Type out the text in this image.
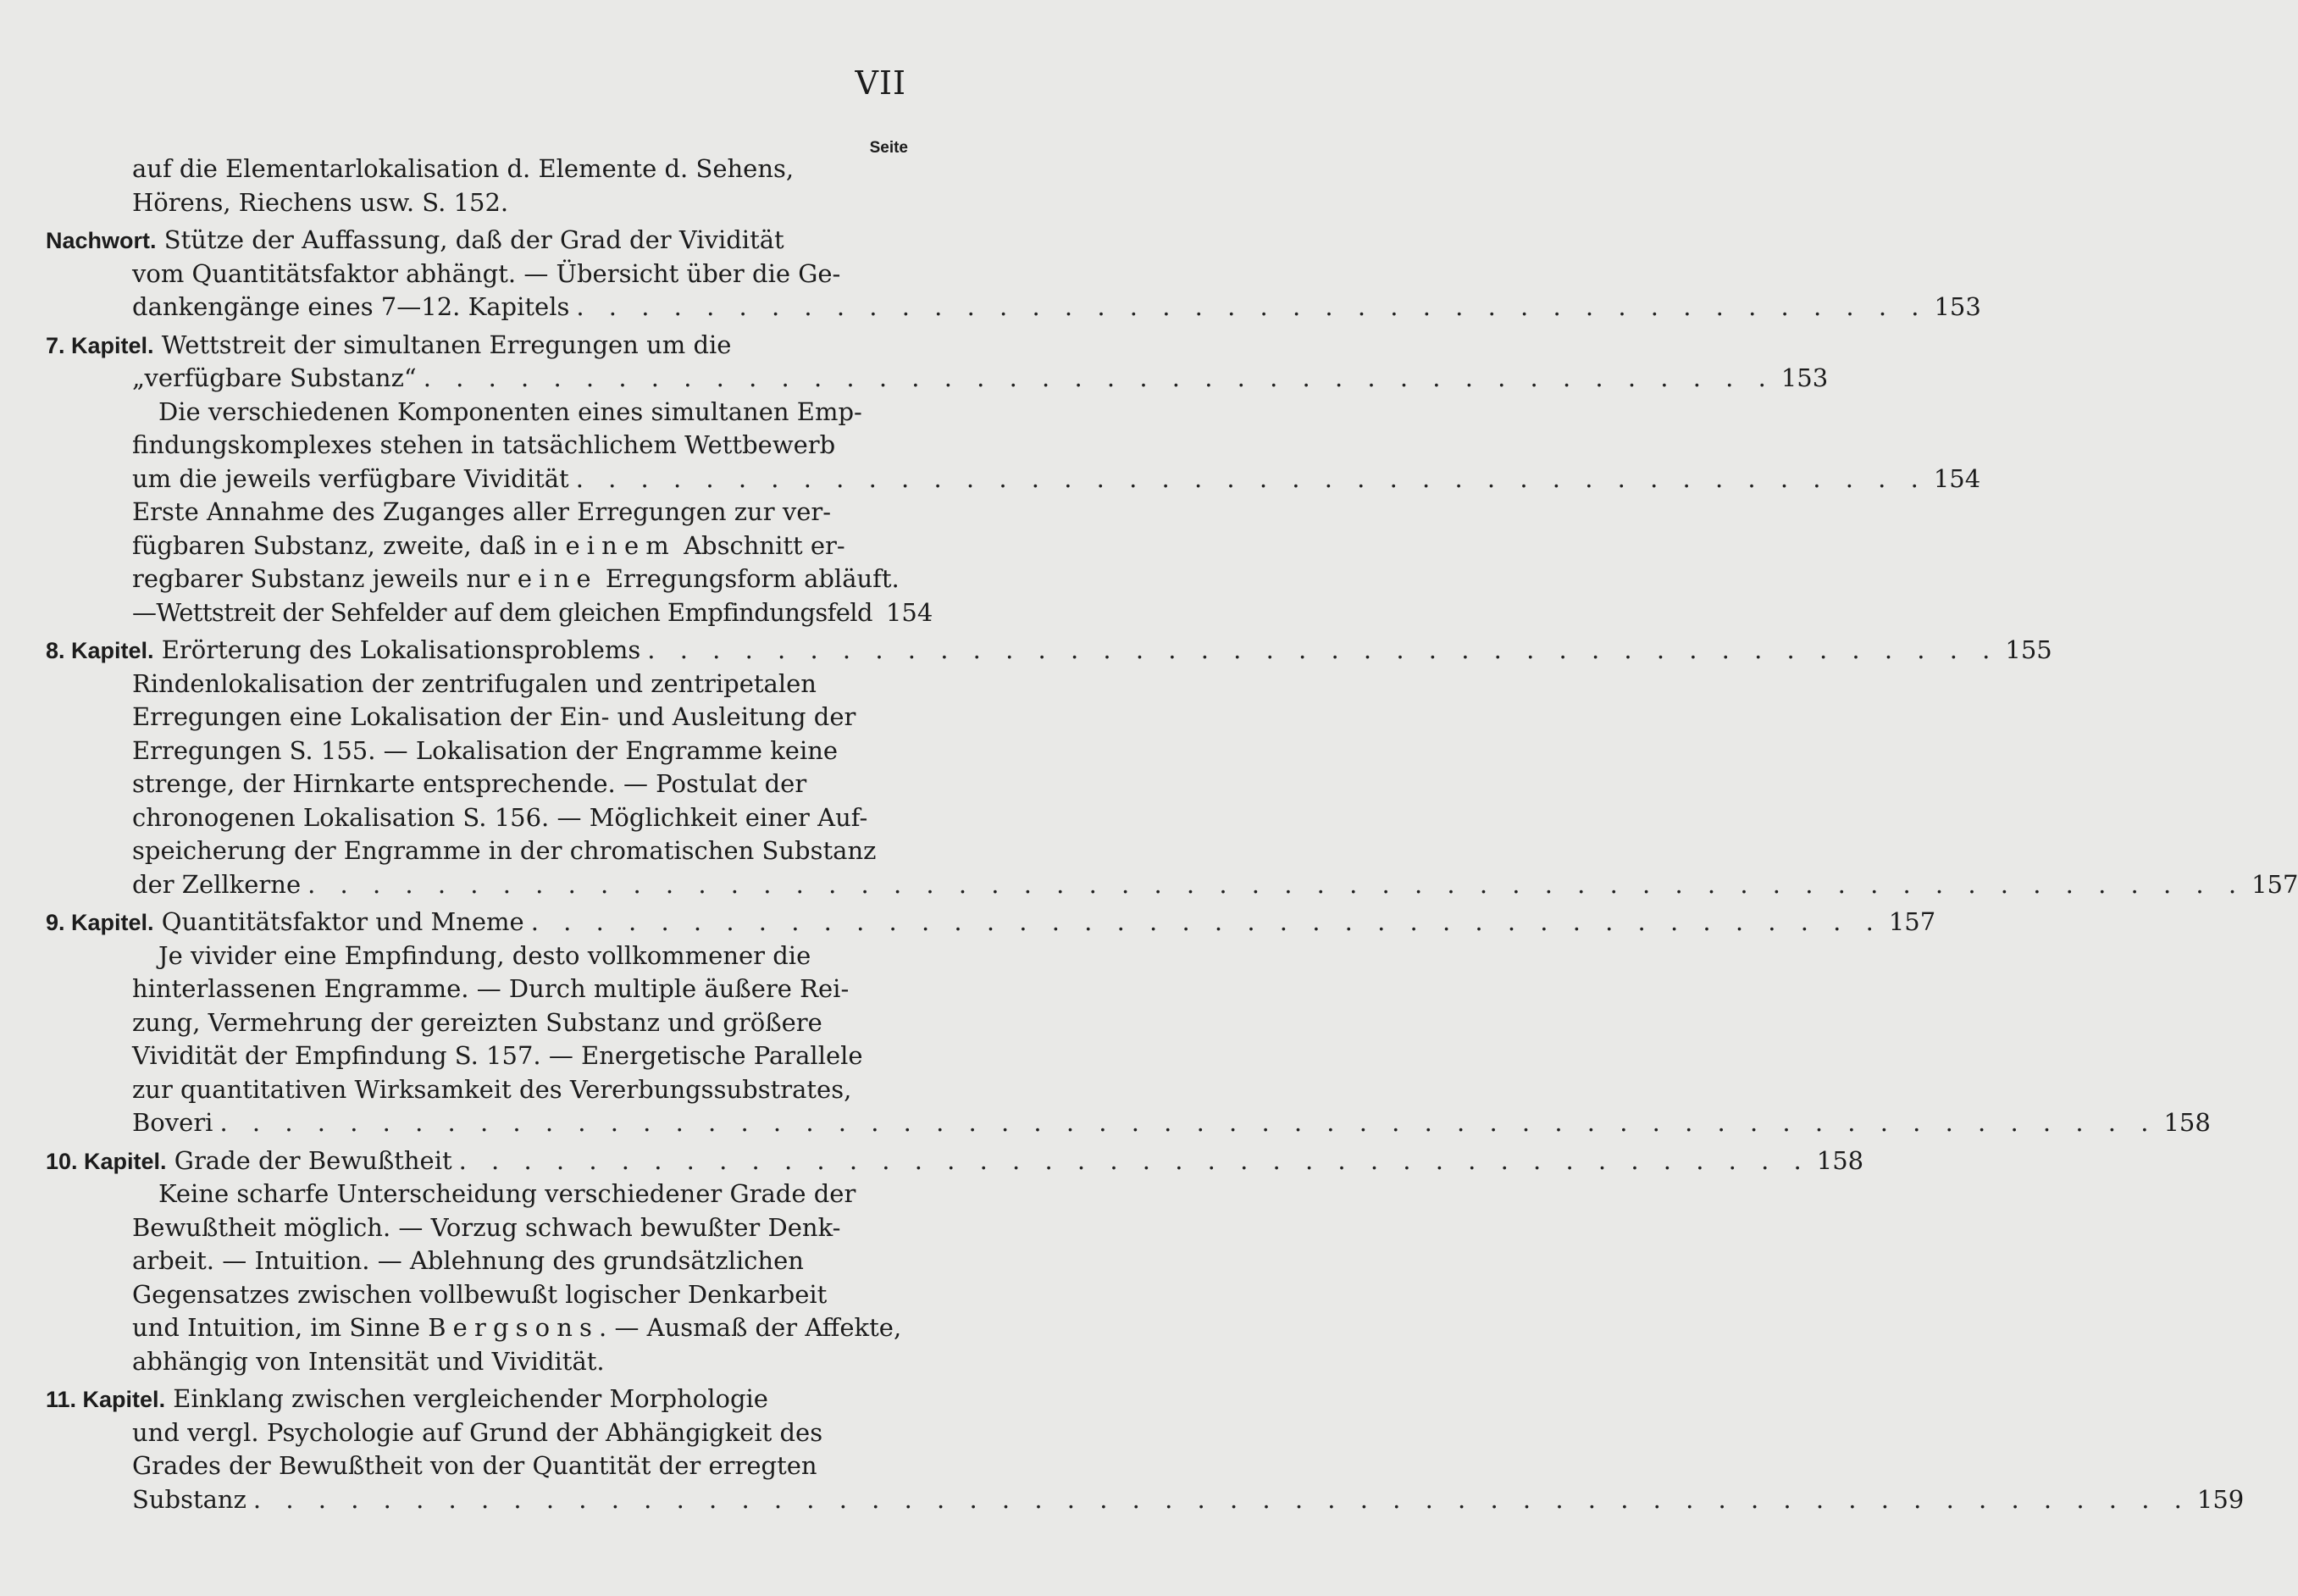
VII
Seite
auf die Elementarlokalisation d. Elemente d. Sehens,
Hörens, Riechens usw. S. 152.
Nachwort. Stütze der Auffassung, daß der Grad der Vividität
vom Quantitätsfaktor abhängt. — Übersicht über die Ge-
dankengänge eines 7—12. Kapitels . . . . . . . . . . . . . . . . . . . . . . . . . . . . . . . . . . . . . . . . . . 153
7. Kapitel. Wettstreit der simultanen Erregungen um die
„verfügbare Substanz“ . . . . . . . . . . . . . . . . . . . . . . . . . . . . . . . . . . . . . . . . . . 153
Die verschiedenen Komponenten eines simultanen Emp-
findungskomplexes stehen in tatsächlichem Wettbewerb
um die jeweils verfügbare Vividität . . . . . . . . . . . . . . . . . . . . . . . . . . . . . . . . . . . . . . . . . . 154
Erste Annahme des Zuganges aller Erregungen zur ver-
fügbaren Substanz, zweite, daß in einem Abschnitt er-
regbarer Substanz jeweils nur eine Erregungsform abläuft.
—Wettstreit der Sehfelder auf dem gleichen Empfindungsfeld 154
8. Kapitel. Erörterung des Lokalisationsproblems . . . . . . . . . . . . . . . . . . . . . . . . . . . . . . . . . . . . . . . . . . 155
Rindenlokalisation der zentrifugalen und zentripetalen
Erregungen eine Lokalisation der Ein- und Ausleitung der
Erregungen S. 155. — Lokalisation der Engramme keine
strenge, der Hirnkarte entsprechende. — Postulat der
chronogenen Lokalisation S. 156. — Möglichkeit einer Auf-
speicherung der Engramme in der chromatischen Substanz
der Zellkerne . . . . . . . . . . . . . . . . . . . . . . . . . . . . . . . . . . . . . . . . . . . . . . . . . . . . . . . . . . . . 157
9. Kapitel. Quantitätsfaktor und Mneme . . . . . . . . . . . . . . . . . . . . . . . . . . . . . . . . . . . . . . . . . . 157
Je vivider eine Empfindung, desto vollkommener die
hinterlassenen Engramme. — Durch multiple äußere Rei-
zung, Vermehrung der gereizten Substanz und größere
Vividität der Empfindung S. 157. — Energetische Parallele
zur quantitativen Wirksamkeit des Vererbungssubstrates,
Boveri . . . . . . . . . . . . . . . . . . . . . . . . . . . . . . . . . . . . . . . . . . . . . . . . . . . . . . . . . . . . 158
10. Kapitel. Grade der Bewußtheit . . . . . . . . . . . . . . . . . . . . . . . . . . . . . . . . . . . . . . . . . . 158
Keine scharfe Unterscheidung verschiedener Grade der
Bewußtheit möglich. — Vorzug schwach bewußter Denk-
arbeit. — Intuition. — Ablehnung des grundsätzlichen
Gegensatzes zwischen vollbewußt logischer Denkarbeit
und Intuition, im Sinne Bergsons. — Ausmaß der Affekte,
abhängig von Intensität und Vividität.
11. Kapitel. Einklang zwischen vergleichender Morphologie
und vergl. Psychologie auf Grund der Abhängigkeit des
Grades der Bewußtheit von der Quantität der erregten
Substanz . . . . . . . . . . . . . . . . . . . . . . . . . . . . . . . . . . . . . . . . . . . . . . . . . . . . . . . . . . . . 159
